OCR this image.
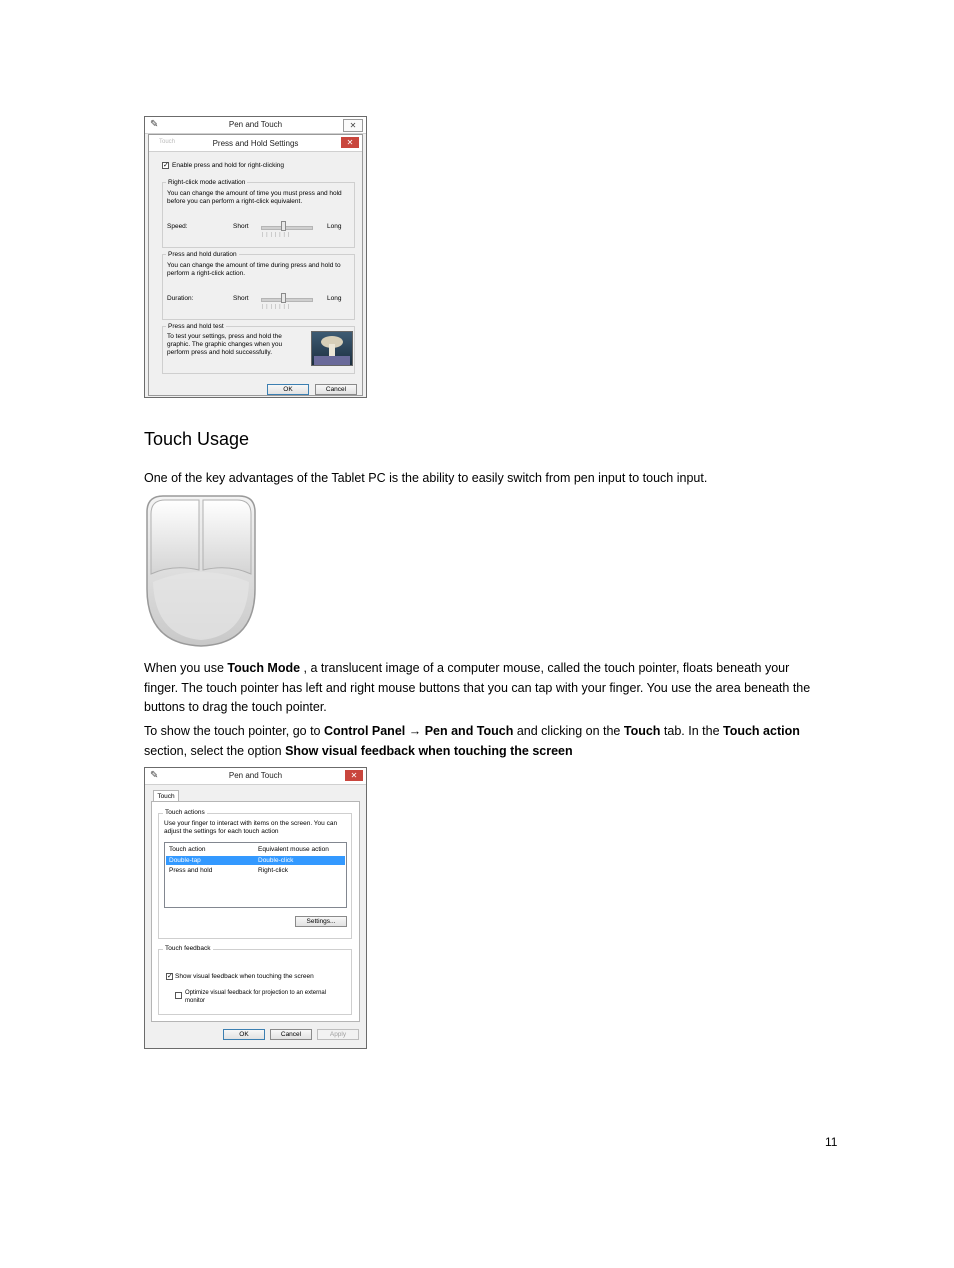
✎	Pen and Touch	✕
Touch	Press and Hold Settings	✕
✓ Enable press and hold for right-clicking
Right-click mode activation
You can change the amount of time you must press and hold before you can perform a right-click equivalent.
Speed:	Short
|||||||
Long
Press and hold duration
You can change the amount of time during press and hold to perform a right-click action.
Duration:	Short
|||||||
Long
Press and hold test
To test your settings, press and hold the graphic. The graphic changes when you perform press and hold successfully.
OK	Cancel
Touch Usage
One of the key advantages of the Tablet PC is the ability to easily switch from pen input to touch input.
When you use Touch Mode , a translucent image of a computer mouse, called the touch pointer, floats beneath your finger. The touch pointer has left and right mouse buttons that you can tap with your finger. You use the area beneath the buttons to drag the touch pointer.
To show the touch pointer, go to Control Panel → Pen and Touch and clicking on the Touch tab. In the Touch action section, select the option Show visual feedback when touching the screen
✎	Pen and Touch	✕
Touch
Touch actions
Use your finger to interact with items on the screen. You can adjust the settings for each touch action
Touch action	Equivalent mouse action
Double-tap	Double-click
Press and hold	Right-click
Settings...
Touch feedback
✓ Show visual feedback when touching the screen
Optimize visual feedback for projection to an external monitor
OK	Cancel	Apply
11
